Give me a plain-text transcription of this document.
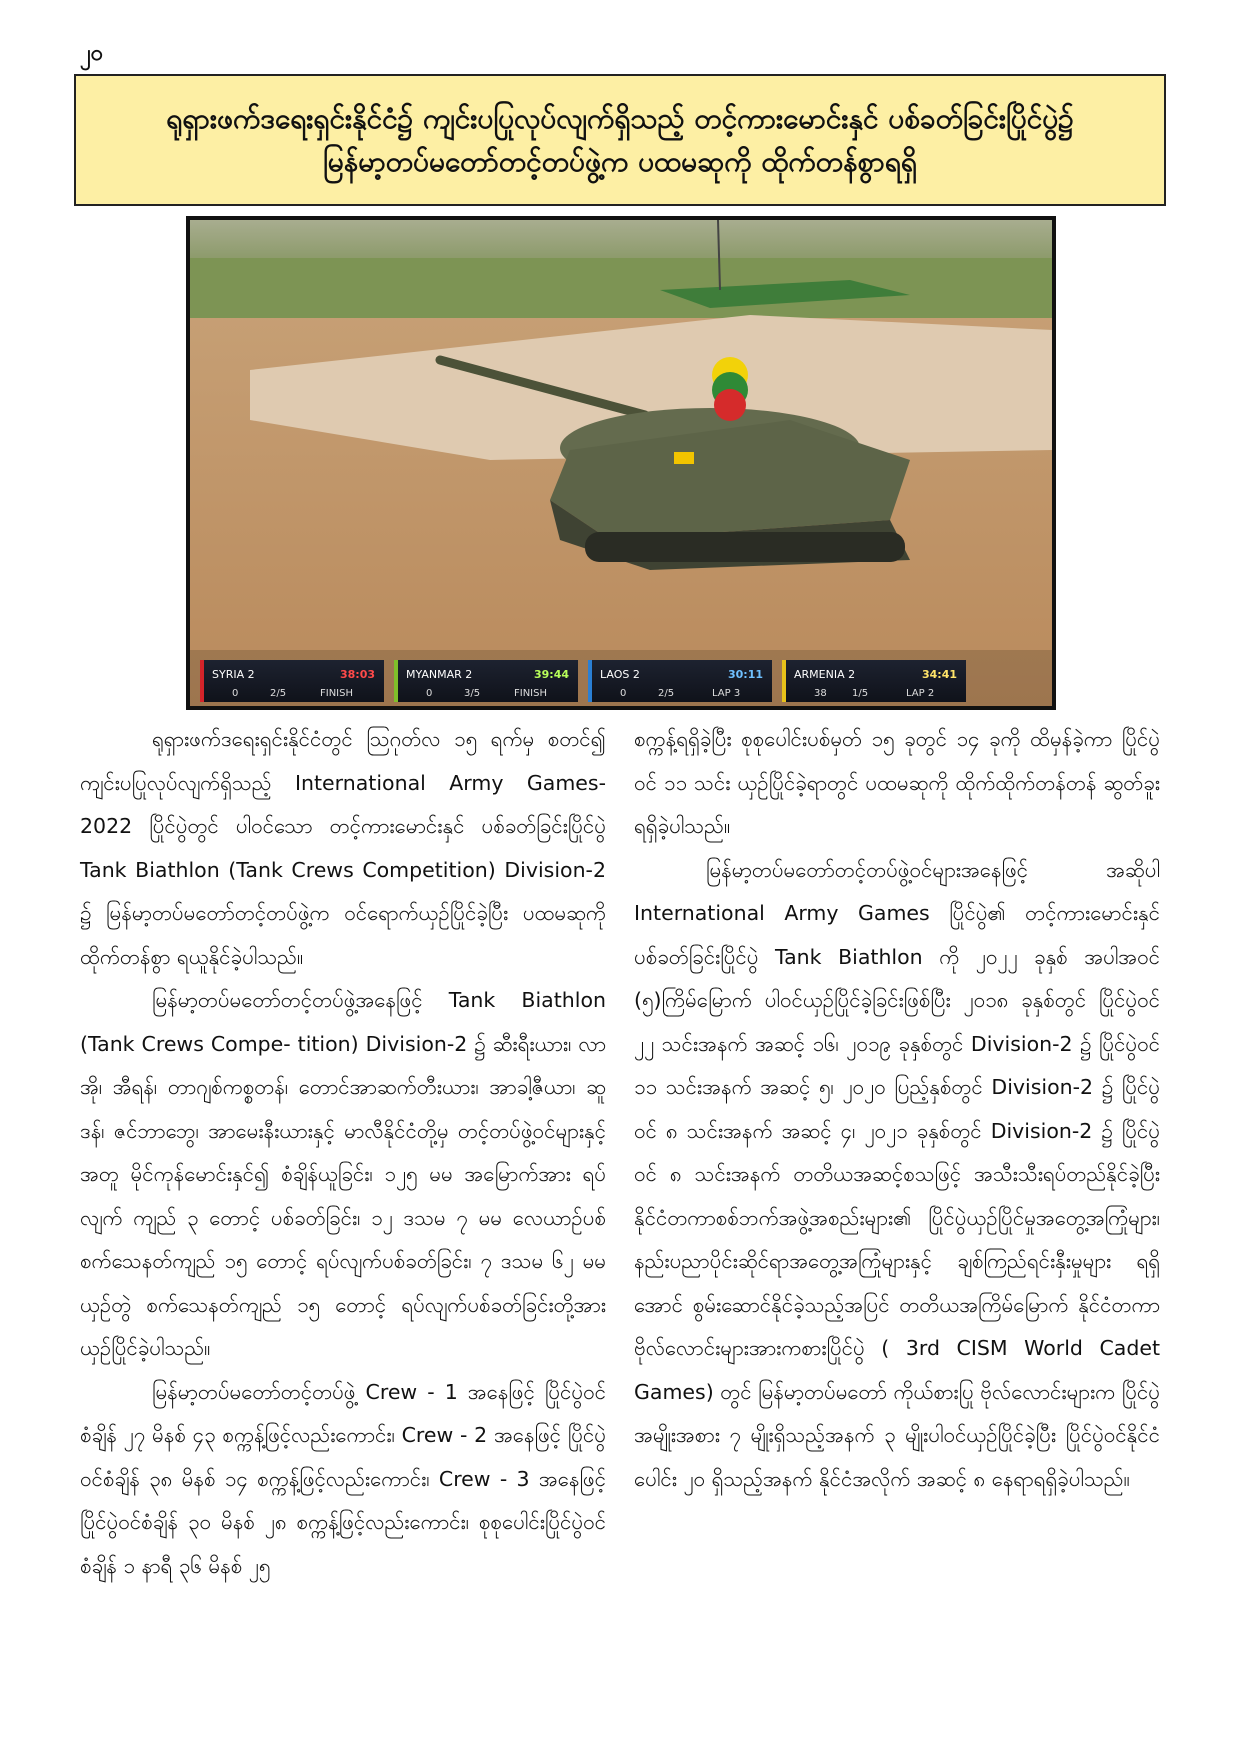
၂၀
ရုရှားဖက်ဒရေးရှင်းနိုင်ငံ၌ ကျင်းပပြုလုပ်လျက်ရှိသည့် တင့်ကားမောင်းနှင် ပစ်ခတ်ခြင်းပြိုင်ပွဲ၌
မြန်မာ့တပ်မတော်တင့်တပ်ဖွဲ့က ပထမဆုကို ထိုက်တန်စွာရရှိ
SYRIA 2	38:03
0	2/5	FINISH
MYANMAR 2	39:44
0	3/5	FINISH
LAOS 2	30:11
0	2/5	LAP 3
ARMENIA 2	34:41
38	1/5	LAP 2

ရုရှားဖက်ဒရေးရှင်းနိုင်ငံတွင် ဩဂုတ်လ ၁၅ ရက်မှ စတင်၍ ကျင်းပပြုလုပ်လျက်ရှိသည့် International Army Games-2022 ပြိုင်ပွဲတွင် ပါဝင်သော တင့်ကားမောင်းနှင် ပစ်ခတ်ခြင်းပြိုင်ပွဲ Tank Biathlon (Tank Crews Competition) Division-2 ၌ မြန်မာ့တပ်မတော်တင့်တပ်ဖွဲ့က ဝင်ရောက်ယှဉ်ပြိုင်ခဲ့ပြီး ပထမဆုကို ထိုက်တန်စွာ ရယူနိုင်ခဲ့ပါသည်။

မြန်မာ့တပ်မတော်တင့်တပ်ဖွဲ့အနေဖြင့် Tank Biathlon (Tank Crews Compe- tition) Division-2 ၌ ဆီးရီးယား၊ လာအို၊ အီရန်၊ တာဂျစ်ကစ္စတန်၊ တောင်အာဆက်တီးယား၊ အာခါ့ဇီယာ၊ ဆူဒန်၊ ဇင်ဘာဘွေ၊ အာမေးနီးယားနှင့် မာလီနိုင်ငံတို့မှ တင့်တပ်ဖွဲ့ဝင်များနှင့်အတူ မိုင်ကုန်မောင်းနှင်၍ စံချိန်ယူခြင်း၊ ၁၂၅ မမ အမြောက်အား ရပ်လျက် ကျည် ၃ တောင့် ပစ်ခတ်ခြင်း၊ ၁၂ ဒသမ ၇ မမ လေယာဉ်ပစ် စက်သေနတ်ကျည် ၁၅ တောင့် ရပ်လျက်ပစ်ခတ်ခြင်း၊ ၇ ဒသမ ၆၂ မမ ယှဉ်တွဲ စက်သေနတ်ကျည် ၁၅ တောင့် ရပ်လျက်ပစ်ခတ်ခြင်းတို့အား ယှဉ်ပြိုင်ခဲ့ပါသည်။

မြန်မာ့တပ်မတော်တင့်တပ်ဖွဲ့ Crew - 1 အနေဖြင့် ပြိုင်ပွဲဝင်စံချိန် ၂၇ မိနစ် ၄၃ စက္ကန့်ဖြင့်လည်းကောင်း၊ Crew - 2 အနေဖြင့် ပြိုင်ပွဲဝင်စံချိန် ၃၈ မိနစ် ၁၄ စက္ကန့်ဖြင့်လည်းကောင်း၊ Crew - 3 အနေဖြင့် ပြိုင်ပွဲဝင်စံချိန် ၃၀ မိနစ် ၂၈ စက္ကန့်ဖြင့်လည်းကောင်း၊ စုစုပေါင်းပြိုင်ပွဲဝင်စံချိန် ၁ နာရီ ၃၆ မိနစ် ၂၅

စက္ကန့်ရရှိခဲ့ပြီး စုစုပေါင်းပစ်မှတ် ၁၅ ခုတွင် ၁၄ ခုကို ထိမှန်ခဲ့ကာ ပြိုင်ပွဲဝင် ၁၁ သင်း ယှဉ်ပြိုင်ခဲ့ရာတွင် ပထမဆုကို ထိုက်ထိုက်တန်တန် ဆွတ်ခူးရရှိခဲ့ပါသည်။

မြန်မာ့တပ်မတော်တင့်တပ်ဖွဲ့ဝင်များအနေဖြင့် အဆိုပါ International Army Games ပြိုင်ပွဲ၏ တင့်ကားမောင်းနှင်ပစ်ခတ်ခြင်းပြိုင်ပွဲ Tank Biathlon ကို ၂၀၂၂ ခုနှစ် အပါအဝင် (၅)ကြိမ်မြောက် ပါဝင်ယှဉ်ပြိုင်ခဲ့ခြင်းဖြစ်ပြီး ၂၀၁၈ ခုနှစ်တွင် ပြိုင်ပွဲဝင် ၂၂ သင်းအနက် အဆင့် ၁၆၊ ၂၀၁၉ ခုနှစ်တွင် Division-2 ၌ ပြိုင်ပွဲဝင် ၁၁ သင်းအနက် အဆင့် ၅၊ ၂၀၂၀ ပြည့်နှစ်တွင် Division-2 ၌ ပြိုင်ပွဲဝင် ၈ သင်းအနက် အဆင့် ၄၊ ၂၀၂၁ ခုနှစ်တွင် Division-2 ၌ ပြိုင်ပွဲဝင် ၈ သင်းအနက် တတိယအဆင့်စသဖြင့် အသီးသီးရပ်တည်နိုင်ခဲ့ပြီး နိုင်ငံတကာစစ်ဘက်အဖွဲ့အစည်းများ၏ ပြိုင်ပွဲယှဉ်ပြိုင်မှုအတွေ့အကြုံများ၊ နည်းပညာပိုင်းဆိုင်ရာအတွေ့အကြုံများနှင့် ချစ်ကြည်ရင်းနှီးမှုများ ရရှိအောင် စွမ်းဆောင်နိုင်ခဲ့သည့်အပြင် တတိယအကြိမ်မြောက် နိုင်ငံတကာ ဗိုလ်လောင်းများအားကစားပြိုင်ပွဲ ( 3rd CISM World Cadet Games) တွင် မြန်မာ့တပ်မတော် ကိုယ်စားပြု ဗိုလ်လောင်းများက ပြိုင်ပွဲအမျိုးအစား ၇ မျိုးရှိသည့်အနက် ၃ မျိုးပါဝင်ယှဉ်ပြိုင်ခဲ့ပြီး ပြိုင်ပွဲဝင်နိုင်ငံပေါင်း ၂၀ ရှိသည့်အနက် နိုင်ငံအလိုက် အဆင့် ၈ နေရာရရှိခဲ့ပါသည်။
